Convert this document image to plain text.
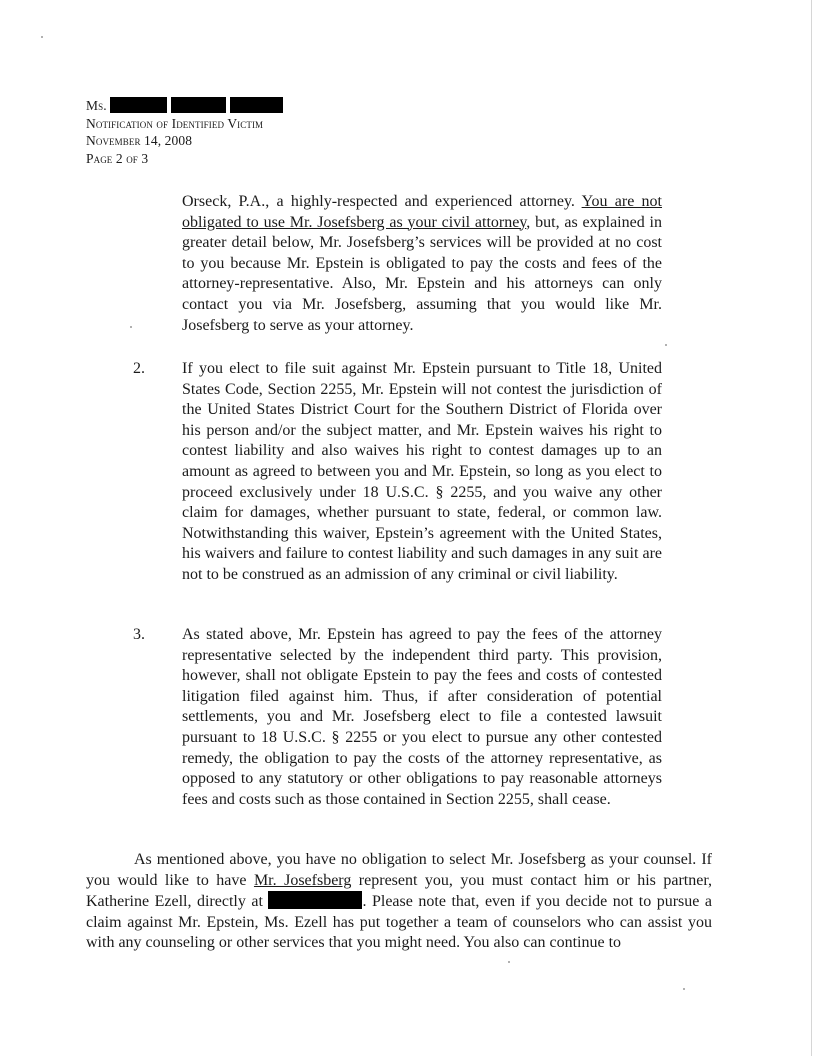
Ms.
Notification of Identified Victim
November 14, 2008
Page 2 of 3
Orseck, P.A., a highly-respected and experienced attorney. You are not obligated to use Mr. Josefsberg as your civil attorney, but, as explained in greater detail below, Mr. Josefsberg’s services will be provided at no cost to you because Mr. Epstein is obligated to pay the costs and fees of the attorney-representative. Also, Mr. Epstein and his attorneys can only contact you via Mr. Josefsberg, assuming that you would like Mr. Josefsberg to serve as your attorney.
2. If you elect to file suit against Mr. Epstein pursuant to Title 18, United States Code, Section 2255, Mr. Epstein will not contest the jurisdiction of the United States District Court for the Southern District of Florida over his person and/or the subject matter, and Mr. Epstein waives his right to contest liability and also waives his right to contest damages up to an amount as agreed to between you and Mr. Epstein, so long as you elect to proceed exclusively under 18 U.S.C. § 2255, and you waive any other claim for damages, whether pursuant to state, federal, or common law. Notwithstanding this waiver, Epstein’s agreement with the United States, his waivers and failure to contest liability and such damages in any suit are not to be construed as an admission of any criminal or civil liability.
3. As stated above, Mr. Epstein has agreed to pay the fees of the attorney representative selected by the independent third party. This provision, however, shall not obligate Epstein to pay the fees and costs of contested litigation filed against him. Thus, if after consideration of potential settlements, you and Mr. Josefsberg elect to file a contested lawsuit pursuant to 18 U.S.C. § 2255 or you elect to pursue any other contested remedy, the obligation to pay the costs of the attorney representative, as opposed to any statutory or other obligations to pay reasonable attorneys fees and costs such as those contained in Section 2255, shall cease.
As mentioned above, you have no obligation to select Mr. Josefsberg as your counsel. If you would like to have Mr. Josefsberg represent you, you must contact him or his partner, Katherine Ezell, directly at	. Please note that, even if you decide not to pursue a claim against Mr. Epstein, Ms. Ezell has put together a team of counselors who can assist you with any counseling or other services that you might need. You also can continue to
